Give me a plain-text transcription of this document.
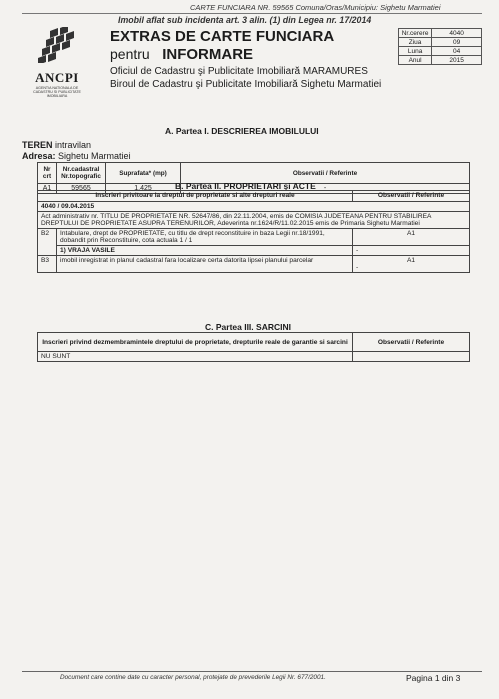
CARTE FUNCIARA NR. 59565 Comuna/Oras/Municipiu: Sighetu Marmatiei
Imobil aflat sub incidenta art. 3 alin. (1) din Legea nr. 17/2014
ANCPI
AGENTIA NATIONALA DE CADASTRU SI PUBLICITATE IMOBILIARA
EXTRAS DE CARTE FUNCIARA
pentru INFORMARE
Oficiul de Cadastru şi Publicitate Imobiliară MARAMURES
Biroul de Cadastru şi Publicitate Imobiliară Sighetu Marmatiei
Nr.cerere	4040
Ziua	09
Luna	04
Anul	2015
A. Partea I. DESCRIEREA IMOBILULUI
TEREN intravilan
Adresa: Sighetu Marmatiei
Nr crt	Nr.cadastral Nr.topografic	Suprafata* (mp)	Observatii / Referinte
A1	59565	1.425	-
B. Partea II. PROPRIETARI şi ACTE
Inscrieri privitoare la dreptul de proprietate si alte drepturi reale		Observatii / Referinte
4040 / 09.04.2015		
Act administrativ nr. TITLU DE PROPRIETATE NR. 52647/86, din 22.11.2004, emis de COMISIA JUDETEANA PENTRU STABILIREA DREPTULUI DE PROPRIETATE ASUPRA TERENURILOR, Adeverinta nr.1624/R/11.02.2015 emis de Primaria Sighetu Marmatiei		
B2	Intabulare, drept de PROPRIETATE, cu titlu de drept reconstituire in baza Legii nr.18/1991, dobandit prin Reconstituire, cota actuala 1 / 1	A1
	1) VRAJA VASILE	-
B3	imobil inregistrat in planul cadastral fara localizare certa datorita lipsei planului parcelar	A1
-
C. Partea III. SARCINI
Inscrieri privind dezmembramintele dreptului de proprietate, drepturile reale de garantie si sarcini	Observatii / Referinte
NU SUNT	
Document care contine date cu caracter personal, protejate de prevederile Legii Nr. 677/2001.	Pagina 1 din 3
